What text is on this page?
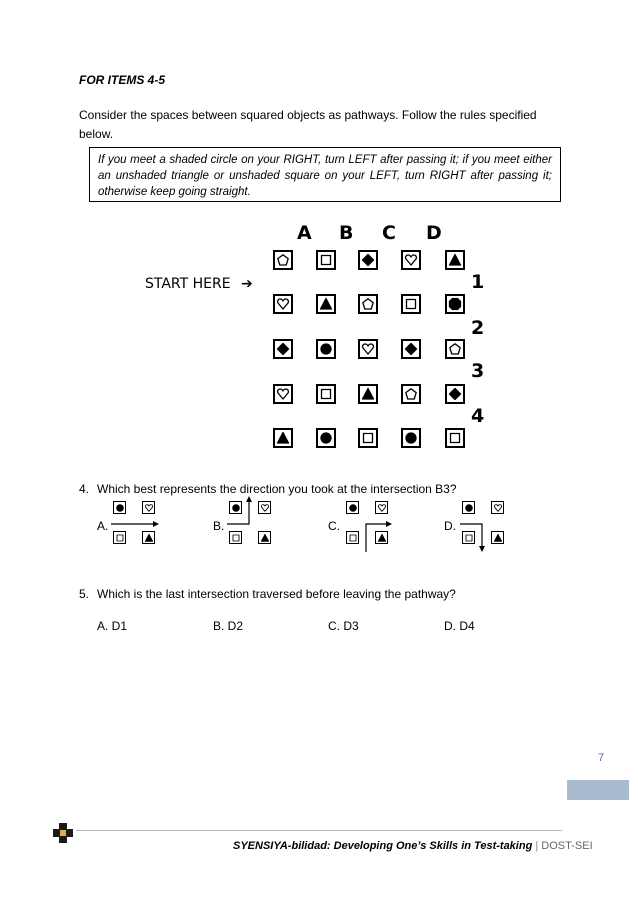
FOR ITEMS 4-5
Consider the spaces between squared objects as pathways. Follow the rules specified below.
If you meet a shaded circle on your RIGHT, turn LEFT after passing it; if you meet either an unshaded triangle or unshaded square on your LEFT, turn RIGHT after passing it; otherwise keep going straight.
A B C D
1
2
3
4
START HERE ➔
4. Which best represents the direction you took at the intersection B3?
A.	B.	C.	D.
5. Which is the last intersection traversed before leaving the pathway?
A. D1	B. D2	C. D3	D. D4
7
SYENSIYA-bilidad: Developing One’s Skills in Test-taking | DOST-SEI
